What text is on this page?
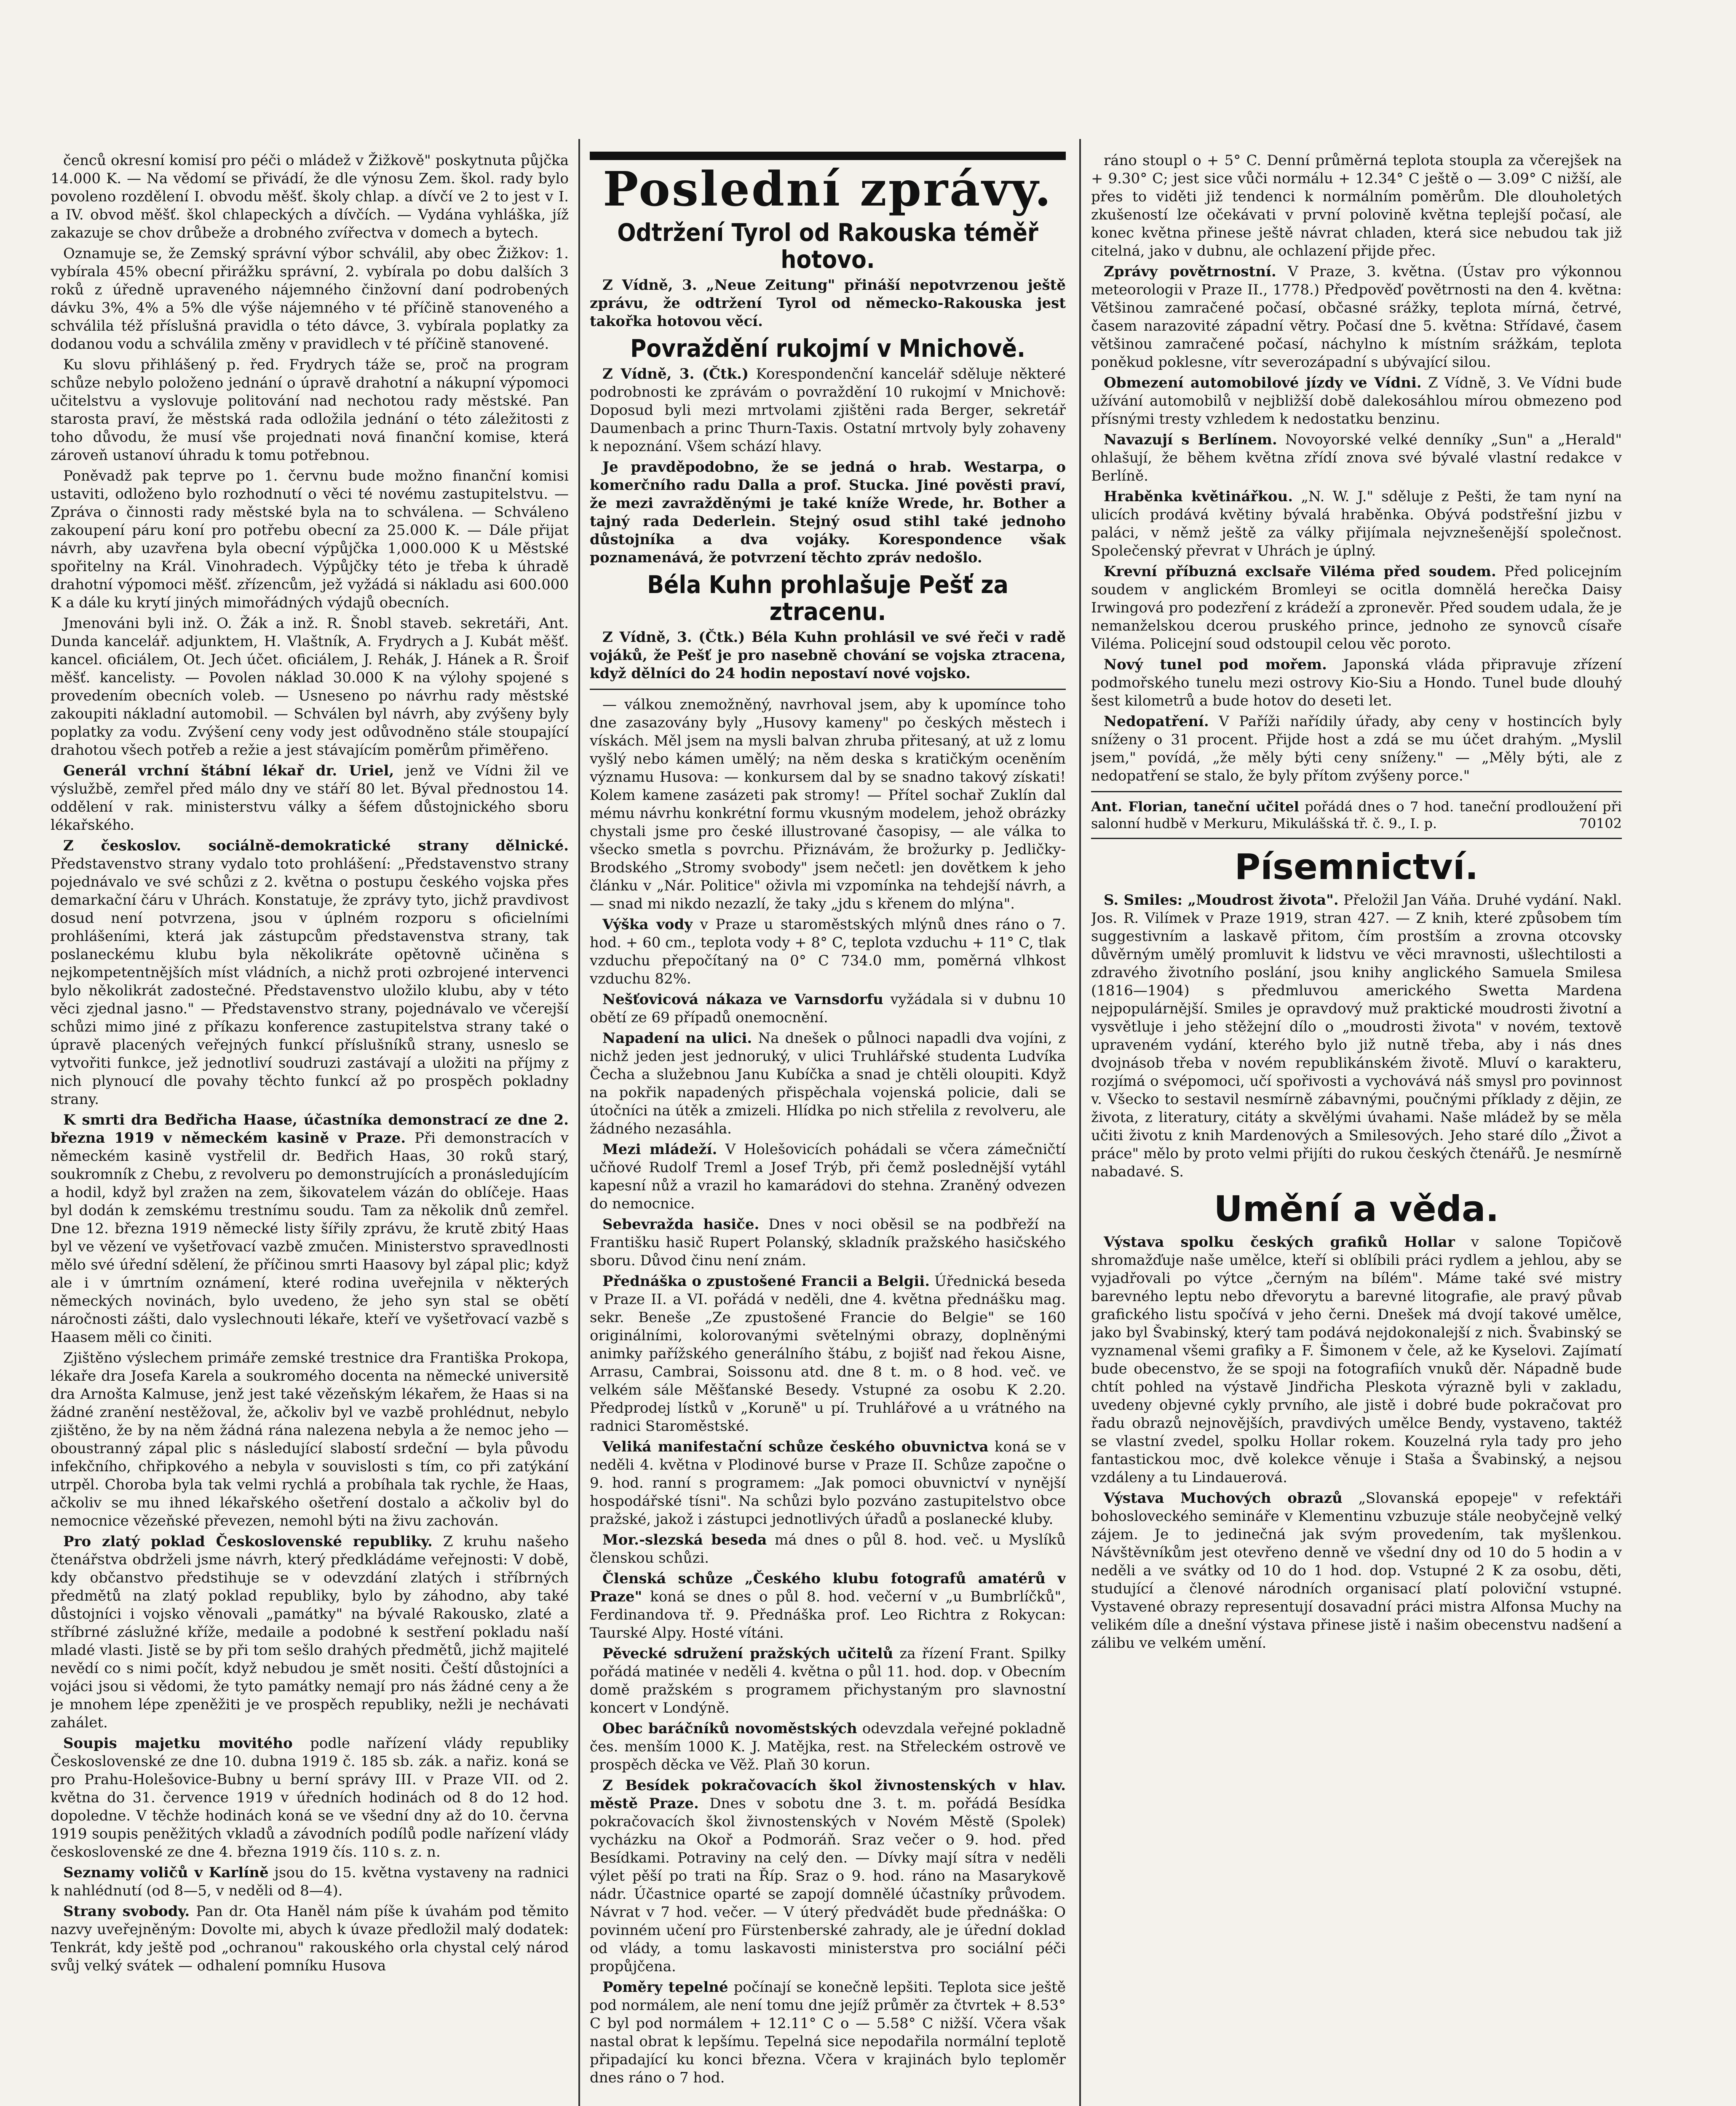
čenců okresní komisí pro péči o mládež v Žižkově" poskytnuta půjčka 14.000 K. — Na vědomí se přivádí, že dle výnosu Zem. škol. rady bylo povoleno rozdělení I. obvodu měšť. školy chlap. a dívčí ve 2 to jest v I. a IV. obvod měšť. škol chlapeckých a dívčích. — Vydána vyhláška, jíž zakazuje se chov drůbeže a drobného zvířectva v domech a bytech.

Oznamuje se, že Zemský správní výbor schválil, aby obec Žižkov: 1. vybírala 45% obecní přirážku správní, 2. vybírala po dobu dalších 3 roků z úředně upraveného nájemného činžovní daní podrobených dávku 3%, 4% a 5% dle výše nájemného v té příčině stanoveného a schválila též příslušná pravidla o této dávce, 3. vybírala poplatky za dodanou vodu a schválila změny v pravidlech v té příčině stanovené.

Ku slovu přihlášený p. řed. Frydrych táže se, proč na program schůze nebylo položeno jednání o úpravě drahotní a nákupní výpomoci učitelstvu a vyslovuje politování nad nechotou rady městské. Pan starosta praví, že městská rada odložila jednání o této záležitosti z toho důvodu, že musí vše projednati nová finanční komise, která zároveň ustanoví úhradu k tomu potřebnou.

Poněvadž pak teprve po 1. červnu bude možno finanční komisi ustaviti, odloženo bylo rozhodnutí o věci té novému zastupitelstvu. — Zpráva o činnosti rady městské byla na to schválena. — Schváleno zakoupení páru koní pro potřebu obecní za 25.000 K. — Dále přijat návrh, aby uzavřena byla obecní výpůjčka 1,000.000 K u Městské spořitelny na Král. Vinohradech. Výpůjčky této je třeba k úhradě drahotní výpomoci měšť. zřízencům, jež vyžádá si nákladu asi 600.000 K a dále ku krytí jiných mimořádných výdajů obecních.

Jmenováni byli inž. O. Žák a inž. R. Šnobl staveb. sekretáři, Ant. Dunda kancelář. adjunktem, H. Vlaštník, A. Frydrych a J. Kubát měšť. kancel. oficiálem, Ot. Jech účet. oficiálem, J. Rehák, J. Hánek a R. Šroif měšť. kancelisty. — Povolen náklad 30.000 K na výlohy spojené s provedením obecních voleb. — Usneseno po návrhu rady městské zakoupiti nákladní automobil. — Schválen byl návrh, aby zvýšeny byly poplatky za vodu. Zvýšení ceny vody jest odůvodněno stále stoupající drahotou všech potřeb a režie a jest stávajícím poměrům přiměřeno.

Generál vrchní štábní lékař dr. Uriel, jenž ve Vídni žil ve výslužbě, zemřel před málo dny ve stáří 80 let. Býval přednostou 14. oddělení v rak. ministerstvu války a šéfem důstojnického sboru lékařského.

Z českoslov. sociálně-demokratické strany dělnické. Představenstvo strany vydalo toto prohlášení: „Představenstvo strany pojednávalo ve své schůzi z 2. května o postupu českého vojska přes demarkační čáru v Uhrách. Konstatuje, že zprávy tyto, jichž pravdivost dosud není potvrzena, jsou v úplném rozporu s oficielními prohlášeními, která jak zástupcům představenstva strany, tak poslaneckému klubu byla několikráte opětovně učiněna s nejkompetentnějších míst vládních, a nichž proti ozbrojené intervenci bylo několikrát zadostečné. Představenstvo uložilo klubu, aby v této věci zjednal jasno." — Představenstvo strany, pojednávalo ve včerejší schůzi mimo jiné z příkazu konference zastupitelstva strany také o úpravě placených veřejných funkcí příslušníků strany, usneslo se vytvořiti funkce, jež jednotliví soudruzi zastávají a uložiti na příjmy z nich plynoucí dle povahy těchto funkcí až po prospěch pokladny strany.

K smrti dra Bedřicha Haase, účastníka demonstrací ze dne 2. března 1919 v německém kasině v Praze. Při demonstracích v německém kasině vystřelil dr. Bedřich Haas, 30 roků starý, soukromník z Chebu, z revolveru po demonstrujících a pronásledujícím a hodil, když byl zražen na zem, šikovatelem vázán do oblíčeje. Haas byl dodán k zemskému trestnímu soudu. Tam za několik dnů zemřel. Dne 12. března 1919 německé listy šířily zprávu, že krutě zbitý Haas byl ve vězení ve vyšetřovací vazbě zmučen. Ministerstvo spravedlnosti mělo své úřední sdělení, že příčinou smrti Haasovy byl zápal plic; když ale i v úmrtním oznámení, které rodina uveřejnila v některých německých novinách, bylo uvedeno, že jeho syn stal se obětí náročnosti zášti, dalo vyslechnouti lékaře, kteří ve vyšetřovací vazbě s Haasem měli co činiti.

Zjištěno výslechem primáře zemské trestnice dra Františka Prokopa, lékaře dra Josefa Karela a soukromého docenta na německé universitě dra Arnošta Kalmuse, jenž jest také vězeňským lékařem, že Haas si na žádné zranění nestěžoval, že, ačkoliv byl ve vazbě prohlédnut, nebylo zjištěno, že by na něm žádná rána nalezena nebyla a že nemoc jeho — oboustranný zápal plic s následující slabostí srdeční — byla původu infekčního, chřipkového a nebyla v souvislosti s tím, co při zatýkání utrpěl. Choroba byla tak velmi rychlá a probíhala tak rychle, že Haas, ačkoliv se mu ihned lékařského ošetření dostalo a ačkoliv byl do nemocnice vězeňské převezen, nemohl býti na živu zachován.

Pro zlatý poklad Československé republiky. Z kruhu našeho čtenářstva obdrželi jsme návrh, který předkládáme veřejnosti: V době, kdy občanstvo předstihuje se v odevzdání zlatých i stříbrných předmětů na zlatý poklad republiky, bylo by záhodno, aby také důstojníci i vojsko věnovali „památky" na bývalé Rakousko, zlaté a stříbrné záslužné kříže, medaile a podobné k sestření pokladu naší mladé vlasti. Jistě se by při tom sešlo drahých předmětů, jichž majitelé nevědí co s nimi počít, když nebudou je smět nositi. Čeští důstojníci a vojáci jsou si vědomi, že tyto památky nemají pro nás žádné ceny a že je mnohem lépe zpeněžiti je ve prospěch republiky, nežli je nechávati zahálet.

Soupis majetku movitého podle nařízení vlády republiky Československé ze dne 10. dubna 1919 č. 185 sb. zák. a nařiz. koná se pro Prahu-Holešovice-Bubny u berní správy III. v Praze VII. od 2. května do 31. července 1919 v úředních hodinách od 8 do 12 hod. dopoledne. V těchže hodinách koná se ve všední dny až do 10. června 1919 soupis peněžitých vkladů a závodních podílů podle nařízení vlády československé ze dne 4. března 1919 čís. 110 s. z. n.

Seznamy voličů v Karlíně jsou do 15. května vystaveny na radnici k nahlédnutí (od 8—5, v neděli od 8—4).

Strany svobody. Pan dr. Ota Haněl nám píše k úvahám pod těmito nazvy uveřejněným: Dovolte mi, abych k úvaze předložil malý dodatek: Tenkrát, kdy ještě pod „ochranou" rakouského orla chystal celý národ svůj velký svátek — odhalení pomníku Husova

Poslední zprávy.
Odtržení Tyrol od Rakouska téměř hotovo.

Z Vídně, 3. „Neue Zeitung" přináší nepotvrzenou ještě zprávu, že odtržení Tyrol od německo-Rakouska jest takořka hotovou věcí.

Povraždění rukojmí v Mnichově.

Z Vídně, 3. (Čtk.) Korespondenční kancelář sděluje některé podrobnosti ke zprávám o povraždění 10 rukojmí v Mnichově: Doposud byli mezi mrtvolami zjištěni rada Berger, sekretář Daumenbach a princ Thurn-Taxis. Ostatní mrtvoly byly zohaveny k nepoznání. Všem schází hlavy.

Je pravděpodobno, že se jedná o hrab. Westarpa, o komerčního radu Dalla a prof. Stucka. Jiné pověsti praví, že mezi zavražděnými je také kníže Wrede, hr. Bother a tajný rada Dederlein. Stejný osud stihl také jednoho důstojníka a dva vojáky. Korespondence však poznamenává, že potvrzení těchto zpráv nedošlo.

Béla Kuhn prohlašuje Pešť za ztracenu.

Z Vídně, 3. (Čtk.) Béla Kuhn prohlásil ve své řeči v radě vojáků, že Pešť je pro nasebně chování se vojska ztracena, když dělníci do 24 hodin nepostaví nové vojsko.

— válkou znemožněný, navrhoval jsem, aby k upomínce toho dne zasazovány byly „Husovy kameny" po českých městech i vískách. Měl jsem na mysli balvan zhruba přitesaný, at už z lomu vyšlý nebo kámen umělý; na něm deska s kratičkým oceněním významu Husova: — konkursem dal by se snadno takový získati! Kolem kamene zasázeti pak stromy! — Přítel sochař Zuklín dal mému návrhu konkrétní formu vkusným modelem, jehož obrázky chystali jsme pro české illustrované časopisy, — ale válka to všecko smetla s povrchu. Přiznávám, že brožurky p. Jedličky-Brodského „Stromy svobody" jsem nečetl: jen dovětkem k jeho článku v „Nár. Politice" oživla mi vzpomínka na tehdejší návrh, a — snad mi nikdo nezazlí, že taky „jdu s křenem do mlýna".

Výška vody v Praze u staroměstských mlýnů dnes ráno o 7. hod. + 60 cm., teplota vody + 8° C, teplota vzduchu + 11° C, tlak vzduchu přepočítaný na 0° C 734.0 mm, poměrná vlhkost vzduchu 82%.

Nešťovicová nákaza ve Varnsdorfu vyžádala si v dubnu 10 obětí ze 69 případů onemocnění.

Napadení na ulici. Na dnešek o půlnoci napadli dva vojíni, z nichž jeden jest jednoruký, v ulici Truhlářské studenta Ludvíka Čecha a služebnou Janu Kubíčka a snad je chtěli oloupiti. Když na pokřik napadených přispěchala vojenská policie, dali se útočníci na útěk a zmizeli. Hlídka po nich střelila z revolveru, ale žádného nezasáhla.

Mezi mládeží. V Holešovicích pohádali se včera zámečničtí učňové Rudolf Treml a Josef Trýb, při čemž poslednější vytáhl kapesní nůž a vrazil ho kamarádovi do stehna. Zraněný odvezen do nemocnice.

Sebevražda hasiče. Dnes v noci oběsil se na podbřeží na Františku hasič Rupert Polanský, skladník pražského hasičského sboru. Důvod činu není znám.

Přednáška o zpustošené Francii a Belgii. Úřednická beseda v Praze II. a VI. pořádá v neděli, dne 4. května přednášku mag. sekr. Beneše „Ze zpustošené Francie do Belgie" se 160 originálními, kolorovanými světelnými obrazy, doplněnými animky pařížského generálního štábu, z bojišť nad řekou Aisne, Arrasu, Cambrai, Soissonu atd. dne 8 t. m. o 8 hod. več. ve velkém sále Měšťanské Besedy. Vstupné za osobu K 2.20. Předprodej lístků v „Koruně" u pí. Truhlářové a u vrátného na radnici Staroměstské.

Veliká manifestační schůze českého obuvnictva koná se v neděli 4. května v Plodinové burse v Praze II. Schůze započne o 9. hod. ranní s programem: „Jak pomoci obuvnictví v nynější hospodářské tísni". Na schůzi bylo pozváno zastupitelstvo obce pražské, jakož i zástupci jednotlivých úřadů a poslanecké kluby.

Mor.-slezská beseda má dnes o půl 8. hod. več. u Myslíků členskou schůzi.

Členská schůze „Českého klubu fotografů amatérů v Praze" koná se dnes o půl 8. hod. večerní v „u Bumbrlíčků", Ferdinandova tř. 9. Přednáška prof. Leo Richtra z Rokycan: Taurské Alpy. Hosté vítáni.

Pěvecké sdružení pražských učitelů za řízení Frant. Spilky pořádá matinée v neděli 4. května o půl 11. hod. dop. v Obecním domě pražském s programem přichystaným pro slavnostní koncert v Londýně.

Obec baráčníků novoměstských odevzdala veřejné pokladně čes. menším 1000 K. J. Matějka, rest. na Střeleckém ostrově ve prospěch děcka ve Věž. Plaň 30 korun.

Z Besídek pokračovacích škol živnostenských v hlav. městě Praze. Dnes v sobotu dne 3. t. m. pořádá Besídka pokračovacích škol živnostenských v Novém Městě (Spolek) vycházku na Okoř a Podmoráň. Sraz večer o 9. hod. před Besídkami. Potraviny na celý den. — Dívky mají sítra v neděli výlet pěší po trati na Říp. Sraz o 9. hod. ráno na Masarykově nádr. Účastnice oparté se zapojí domnělé účastníky průvodem. Návrat v 7 hod. večer. — V úterý předvádět bude přednáška: O povinném učení pro Fürstenberské zahrady, ale je úřední doklad od vlády, a tomu laskavosti ministerstva pro sociální péči propůjčena.

Poměry tepelné počínají se konečně lepšiti. Teplota sice ještě pod normálem, ale není tomu dne jejíž průměr za čtvrtek + 8.53° C byl pod normálem + 12.11° C o — 5.58° C nižší. Včera však nastal obrat k lepšímu. Tepelná sice nepodařila normální teplotě připadající ku konci března. Včera v krajinách bylo teploměr dnes ráno o 7 hod.

ráno stoupl o + 5° C. Denní průměrná teplota stoupla za včerejšek na + 9.30° C; jest sice vůči normálu + 12.34° C ještě o — 3.09° C nižší, ale přes to viděti již tendenci k normálním poměrům. Dle dlouholetých zkušeností lze očekávati v první polovině května teplejší počasí, ale konec května přinese ještě návrat chladen, která sice nebudou tak již citelná, jako v dubnu, ale ochlazení přijde přec.

Zprávy povětrnostní. V Praze, 3. května. (Ústav pro výkonnou meteorologii v Praze II., 1778.) Předpověď povětrnosti na den 4. května: Většinou zamračené počasí, občasné srážky, teplota mírná, četrvé, časem narazovité západní větry. Počasí dne 5. května: Střídavé, časem většinou zamračené počasí, náchylno k místním srážkám, teplota poněkud poklesne, vítr severozápadní s ubývající silou.

Obmezení automobilové jízdy ve Vídni. Z Vídně, 3. Ve Vídni bude užívání automobilů v nejbližší době dalekosáhlou mírou obmezeno pod přísnými tresty vzhledem k nedostatku benzinu.

Navazují s Berlínem. Novoyorské velké denníky „Sun" a „Herald" ohlašují, že během května zřídí znova své bývalé vlastní redakce v Berlíně.

Hraběnka květinářkou. „N. W. J." sděluje z Pešti, že tam nyní na ulicích prodává květiny bývalá hraběnka. Obývá podstřešní jizbu v paláci, v němž ještě za války přijímala nejvznešenější společnost. Společenský převrat v Uhrách je úplný.

Krevní příbuzná exclsaře Viléma před soudem. Před policejním soudem v anglickém Bromleyi se ocitla domnělá herečka Daisy Irwingová pro podezření z krádeží a zpronevěr. Před soudem udala, že je nemanželskou dcerou pruského prince, jednoho ze synovců císaře Viléma. Policejní soud odstoupil celou věc poroto.

Nový tunel pod mořem. Japonská vláda připravuje zřízení podmořského tunelu mezi ostrovy Kio-Siu a Hondo. Tunel bude dlouhý šest kilometrů a bude hotov do deseti let.

Nedopatření. V Paříži nařídily úřady, aby ceny v hostincích byly sníženy o 31 procent. Přijde host a zdá se mu účet drahým. „Myslil jsem," povídá, „že měly býti ceny sníženy." — „Měly býti, ale z nedopatření se stalo, že byly přítom zvýšeny porce."

Ant. Florian, taneční učitel pořádá dnes o 7 hod. taneční prodloužení při salonní hudbě v Merkuru, Mikulášská tř. č. 9., I. p.	70102
Písemnictví.

S. Smiles: „Moudrost života". Přeložil Jan Váňa. Druhé vydání. Nakl. Jos. R. Vilímek v Praze 1919, stran 427. — Z knih, které způsobem tím suggestivním a laskavě přitom, čím prostším a zrovna otcovsky důvěrným umělý promluvit k lidstvu ve věci mravnosti, ušlechtilosti a zdravého životního poslání, jsou knihy anglického Samuela Smilesa (1816—1904) s předmluvou amerického Swetta Mardena nejpopulárnější. Smiles je opravdový muž praktické moudrosti životní a vysvětluje i jeho stěžejní dílo o „moudrosti života" v novém, textově upraveném vydání, kterého bylo již nutně třeba, aby i nás dnes dvojnásob třeba v novém republikánském životě. Mluví o karakteru, rozjímá o svépomoci, učí spořivosti a vychovává náš smysl pro povinnost v. Všecko to sestavil nesmírně zábavnými, poučnými příklady z dějin, ze života, z literatury, citáty a skvělými úvahami. Naše mládež by se měla učiti životu z knih Mardenových a Smilesových. Jeho staré dílo „Život a práce" mělo by proto velmi přijíti do rukou českých čtenářů. Je nesmírně nabadavé. S.

Umění a věda.

Výstava spolku českých grafiků Hollar v salone Topičově shromažďuje naše umělce, kteří si oblíbili práci rydlem a jehlou, aby se vyjadřovali po výtce „černým na bílém". Máme také své mistry barevného leptu nebo dřevorytu a barevné litografie, ale pravý půvab grafického listu spočívá v jeho černi. Dnešek má dvojí takové umělce, jako byl Švabinský, který tam podává nejdokonalejší z nich. Švabinský se vyznamenal všemi grafiky a F. Šimonem v čele, až ke Kyselovi. Zajímatí bude obecenstvo, že se spoji na fotografiích vnuků děr. Nápadně bude chtít pohled na výstavě Jindřicha Pleskota výrazně byli v zakladu, uvedeny objevné cykly prvního, ale jistě i dobré bude pokračovat pro řadu obrazů nejnovějších, pravdivých umělce Bendy, vystaveno, taktéž se vlastní zvedel, spolku Hollar rokem. Kouzelná ryla tady pro jeho fantastickou moc, dvě kolekce věnuje i Staša a Švabinský, a nejsou vzdáleny a tu Lindauerová.

Výstava Muchových obrazů „Slovanská epopeje" v refektáři bohosloveckého semináře v Klementinu vzbuzuje stále neobyčejně velký zájem. Je to jedinečná jak svým provedením, tak myšlenkou. Návštěvníkům jest otevřeno denně ve všední dny od 10 do 5 hodin a v neděli a ve svátky od 10 do 1 hod. dop. Vstupné 2 K za osobu, děti, studující a členové národních organisací platí poloviční vstupné. Vystavené obrazy representují dosavadní práci mistra Alfonsa Muchy na velikém díle a dnešní výstava přinese jistě i našim obecenstvu nadšení a zálibu ve velkém umění.
